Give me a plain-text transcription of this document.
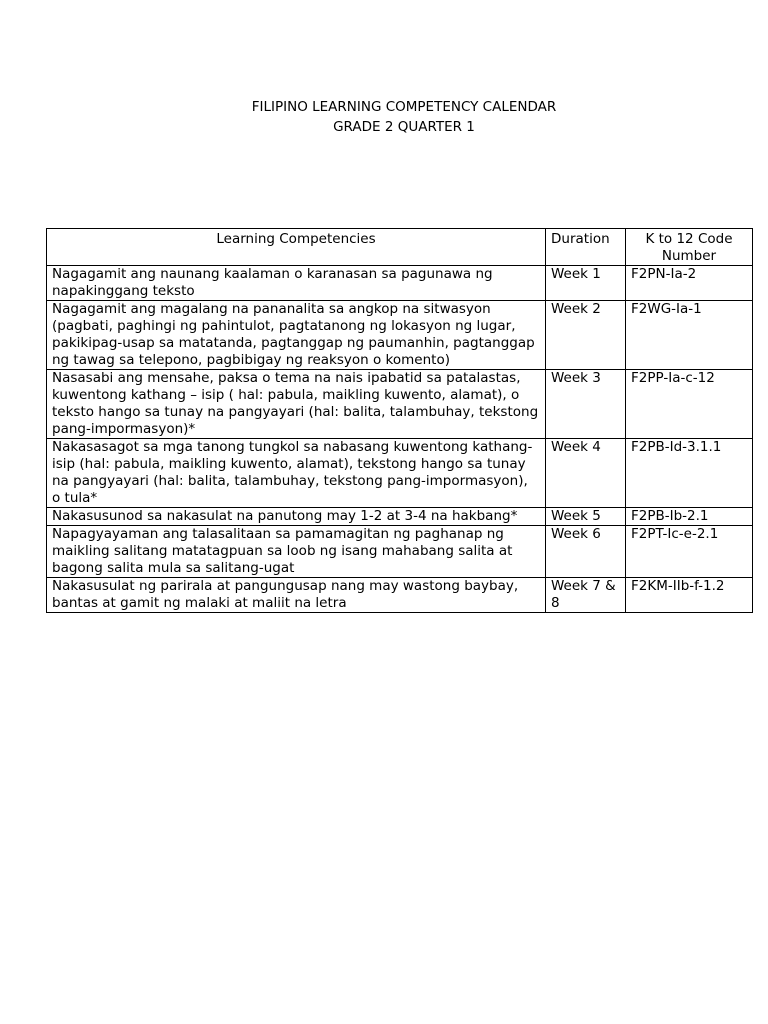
FILIPINO LEARNING COMPETENCY CALENDAR
GRADE 2 QUARTER 1
Learning Competencies	Duration	K to 12 Code Number
Nagagamit ang naunang kaalaman o karanasan sa pagunawa ng napakinggang teksto	Week 1	F2PN-Ia-2
Nagagamit ang magalang na pananalita sa angkop na sitwasyon (pagbati, paghingi ng pahintulot, pagtatanong ng lokasyon ng lugar, pakikipag-usap sa matatanda, pagtanggap ng paumanhin, pagtanggap ng tawag sa telepono, pagbibigay ng reaksyon o komento)	Week 2	F2WG-Ia-1
Nasasabi ang mensahe, paksa o tema na nais ipabatid sa patalastas, kuwentong kathang – isip ( hal: pabula, maikling kuwento, alamat), o teksto hango sa tunay na pangyayari (hal: balita, talambuhay, tekstong pang-impormasyon)*	Week 3	F2PP-Ia-c-12
Nakasasagot sa mga tanong tungkol sa nabasang kuwentong kathang-isip (hal: pabula, maikling kuwento, alamat), tekstong hango sa tunay na pangyayari (hal: balita, talambuhay, tekstong pang-impormasyon), o tula*	Week 4	F2PB-Id-3.1.1
Nakasusunod sa nakasulat na panutong may 1-2 at 3-4 na hakbang*	Week 5	F2PB-Ib-2.1
Napagyayaman ang talasalitaan sa pamamagitan ng paghanap ng maikling salitang matatagpuan sa loob ng isang mahabang salita at bagong salita mula sa salitang-ugat	Week 6	F2PT-Ic-e-2.1
Nakasusulat ng parirala at pangungusap nang may wastong baybay, bantas at gamit ng malaki at maliit na letra	Week 7 & 8	F2KM-IIb-f-1.2
